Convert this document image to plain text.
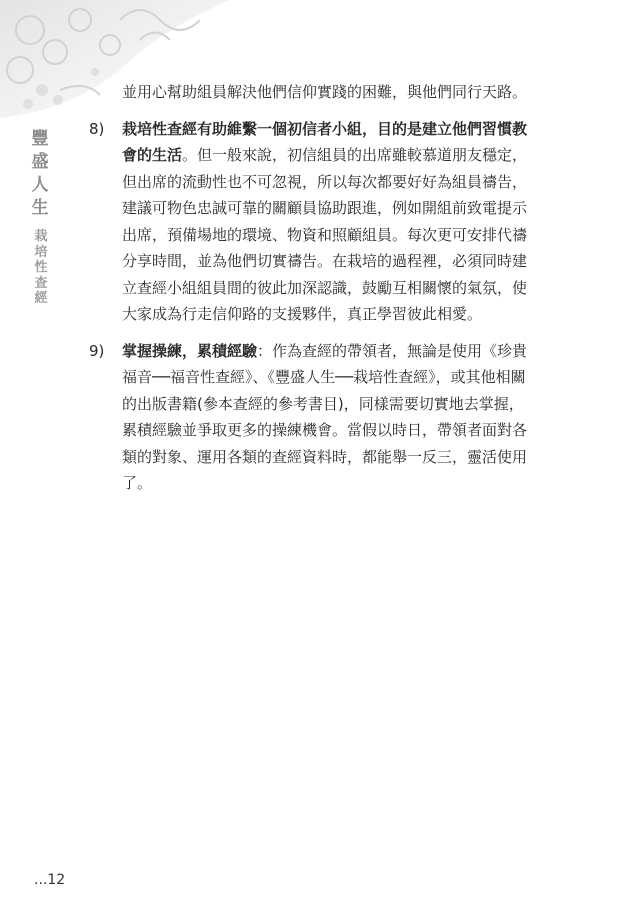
豐
盛
人
生
栽
培
性
查
經

並用心幫助組員解決他們信仰實踐的困難，與他們同行天路。

8) 栽培性查經有助維繫一個初信者小組，目的是建立他們習慣教會的生活。但一般來說，初信組員的出席雖較慕道朋友穩定，但出席的流動性也不可忽視，所以每次都要好好為組員禱告，建議可物色忠誠可靠的關顧員協助跟進，例如開組前致電提示出席，預備場地的環境、物資和照顧組員。每次更可安排代禱分享時間，並為他們切實禱告。在栽培的過程裡，必須同時建立查經小組組員間的彼此加深認識，鼓勵互相關懷的氣氛，使大家成為行走信仰路的支援夥伴，真正學習彼此相愛。

9) 掌握操練，累積經驗：作為查經的帶領者，無論是使用《珍貴福音──福音性查經》、《豐盛人生──栽培性查經》，或其他相關的出版書籍(參本查經的參考書目)，同樣需要切實地去掌握，累積經驗並爭取更多的操練機會。當假以時日，帶領者面對各類的對象、運用各類的查經資料時，都能舉一反三，靈活使用了。

...12
